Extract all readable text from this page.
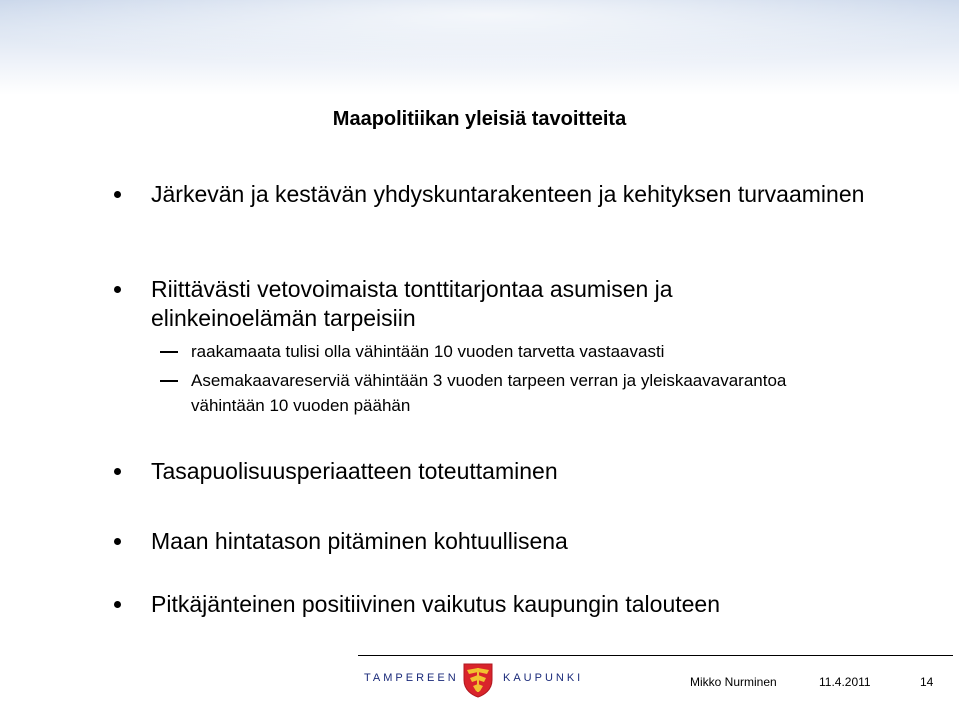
Maapolitiikan yleisiä tavoitteita
Järkevän ja kestävän yhdyskuntarakenteen ja kehityksen turvaaminen
Riittävästi vetovoimaista tonttitarjontaa asumisen ja elinkeinoelämän tarpeisiin
raakamaata tulisi olla vähintään 10 vuoden tarvetta vastaavasti
Asemakaavareserviä vähintään 3 vuoden tarpeen verran ja yleiskaavavarantoa vähintään 10 vuoden päähän
Tasapuolisuusperiaatteen toteuttaminen
Maan hintatason pitäminen kohtuullisena
Pitkäjänteinen positiivinen vaikutus kaupungin talouteen
TAMPEREEN	KAUPUNKI	Mikko Nurminen	11.4.2011	14
